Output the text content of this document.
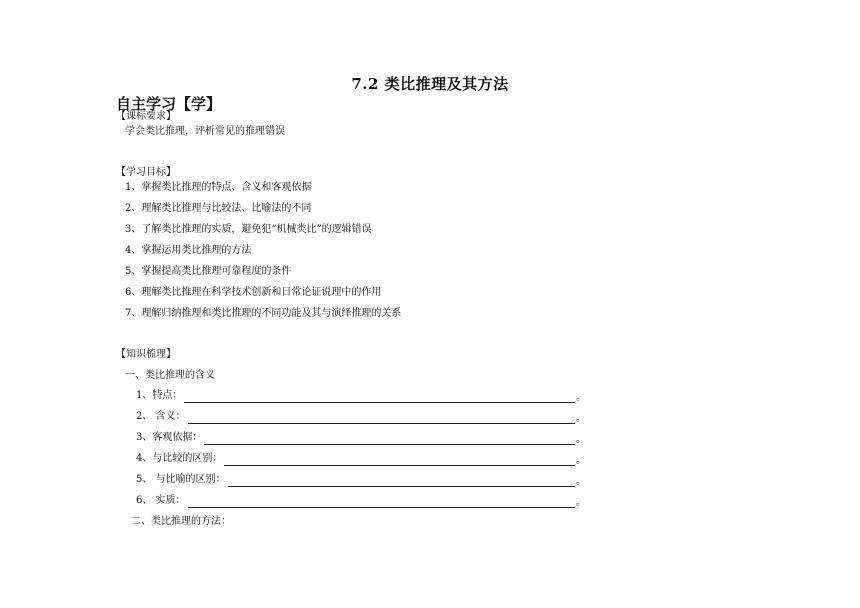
7.2 类比推理及其方法
自主学习【学】
【课标要求】
学会类比推理，评析常见的推理错误
【学习目标】
1、掌握类比推理的特点、含义和客观依据
2、理解类比推理与比较法、比喻法的不同
3、了解类比推理的实质，避免犯“机械类比”的逻辑错误
4、掌握运用类比推理的方法
5、掌握提高类比推理可靠程度的条件
6、理解类比推理在科学技术创新和日常论证说理中的作用
7、理解归纳推理和类比推理的不同功能及其与演绎推理的关系
【知识梳理】
一、类比推理的含义
1、特点：	。
2、 含义：	。
3、客观依据：	。
4、与比较的区别：	。
5、 与比喻的区别：	。
6、 实质：	。
二、类比推理的方法：
